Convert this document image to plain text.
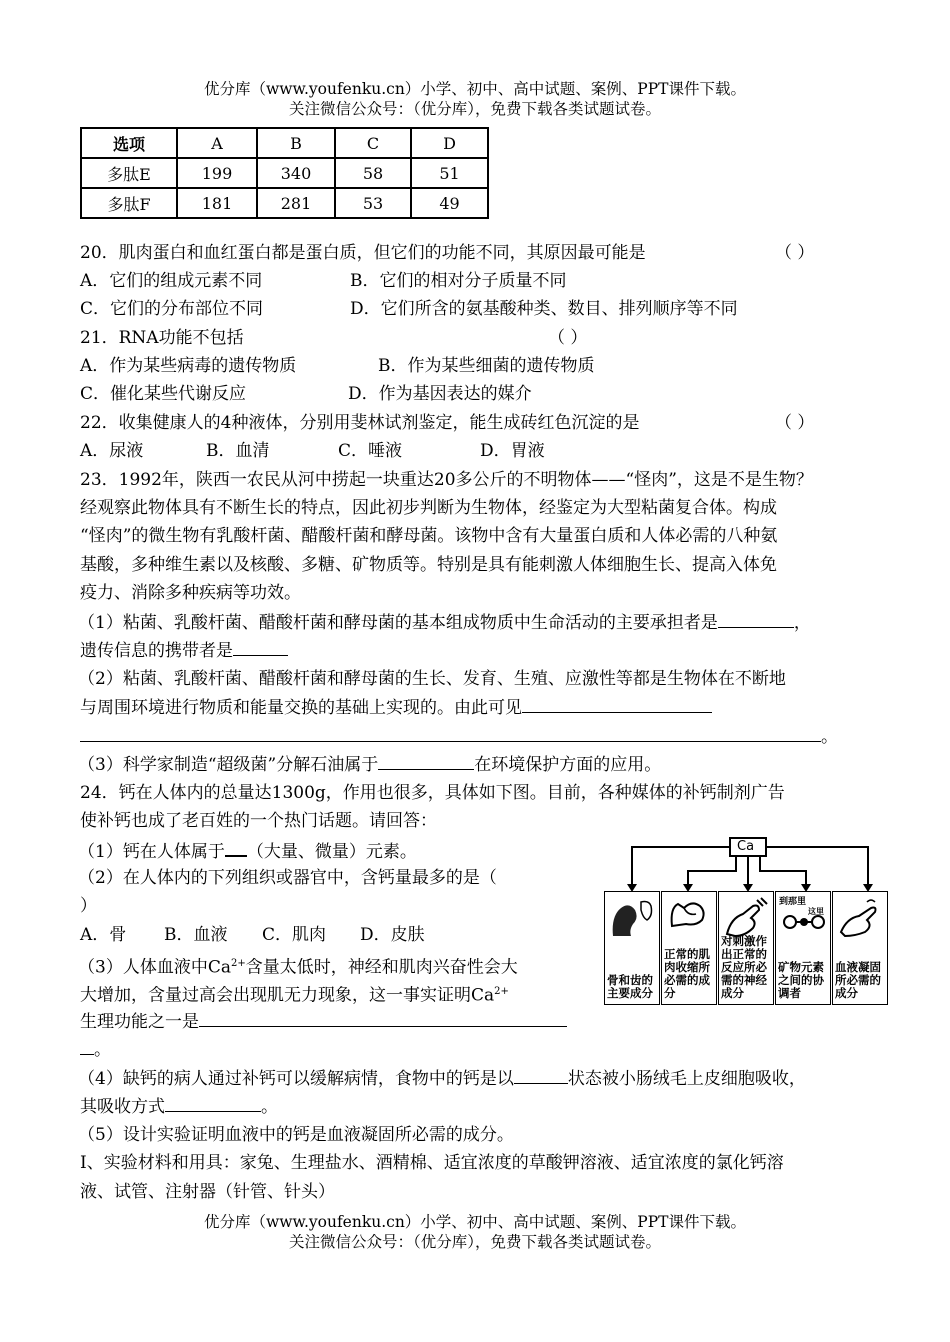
优分库（www.youfenku.cn）小学、初中、高中试题、案例、PPT课件下载。
关注微信公众号：（优分库），免费下载各类试题试卷。
选项	A	B	C	D
多肽E	199	340	58	51
多肽F	181	281	53	49
20．肌肉蛋白和血红蛋白都是蛋白质，但它们的功能不同，其原因最可能是	（ ）
A．它们的组成元素不同	B．它们的相对分子质量不同
C．它们的分布部位不同	D．它们所含的氨基酸种类、数目、排列顺序等不同
21．RNA功能不包括	（ ）
A．作为某些病毒的遗传物质	B．作为某些细菌的遗传物质
C．催化某些代谢反应	D．作为基因表达的媒介
22．收集健康人的4种液体，分别用斐林试剂鉴定，能生成砖红色沉淀的是	（ ）
A．尿液	B．血清	C．唾液	D．胃液
23．1992年，陕西一农民从河中捞起一块重达20多公斤的不明物体——“怪肉”，这是不是生物？
经观察此物体具有不断生长的特点，因此初步判断为生物体，经鉴定为大型粘菌复合体。构成
“怪肉”的微生物有乳酸杆菌、醋酸杆菌和酵母菌。该物中含有大量蛋白质和人体必需的八种氨
基酸，多种维生素以及核酸、多糖、矿物质等。特别是具有能刺激人体细胞生长、提高入体免
疫力、消除多种疾病等功效。
（1）粘菌、乳酸杆菌、醋酸杆菌和酵母菌的基本组成物质中生命活动的主要承担者是	，
遗传信息的携带者是
（2）粘菌、乳酸杆菌、醋酸杆菌和酵母菌的生长、发育、生殖、应激性等都是生物体在不断地
与周围环境进行物质和能量交换的基础上实现的。由此可见
。
（3）科学家制造“超级菌”分解石油属于	在环境保护方面的应用。
24．钙在人体内的总量达1300g，作用也很多，具体如下图。目前，各种媒体的补钙制剂广告
使补钙也成了老百姓的一个热门话题。请回答：
（1）钙在人体属于 （大量、微量）元素。
（2）在人体内的下列组织或器官中，含钙量最多的是（
）
A．骨 B．血液 C．肌肉 D．皮肤
（3）人体血液中$Ca^{2+}$含量太低时，神经和肌肉兴奋性会大
大增加，含量过高会出现肌无力现象，这一事实证明$Ca^{2+}$
生理功能之一是
。
（4）缺钙的病人通过补钙可以缓解病情，食物中的钙是以	状态被小肠绒毛上皮细胞吸收，
其吸收方式	。
（5）设计实验证明血液中的钙是血液凝固所必需的成分。
I、实验材料和用具：家兔、生理盐水、酒精棉、适宜浓度的草酸钾溶液、适宜浓度的氯化钙溶
液、试管、注射器（针管、针头）
Ca
骨和齿的主要成分
正常的肌肉收缩所必需的成分
对刺激作出正常的反应所必需的神经成分
到那里
这里
矿物元素之间的协调者
血液凝固所必需的成分
优分库（www.youfenku.cn）小学、初中、高中试题、案例、PPT课件下载。
关注微信公众号：（优分库），免费下载各类试题试卷。
